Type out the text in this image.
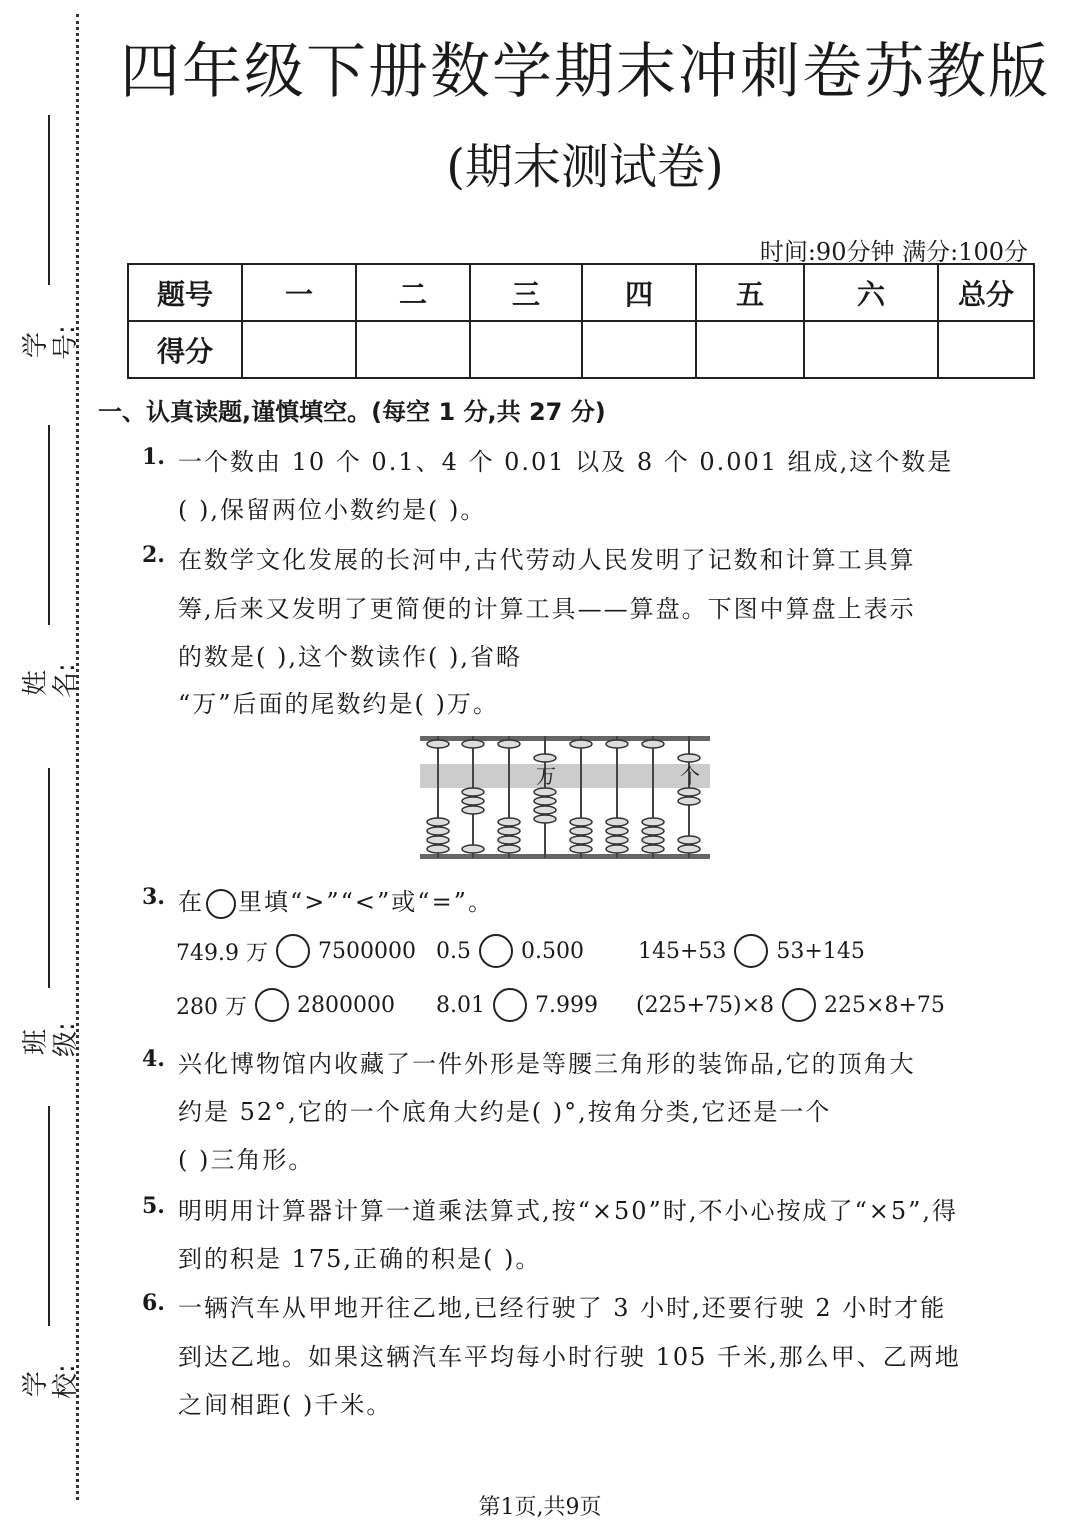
学号:
姓名:
班级:
学校:
四年级下册数学期末冲刺卷苏教版
(期末测试卷)
时间:90分钟 满分:100分
题号	一	二	三	四	五	六	总分
得分							
一、认真读题,谨慎填空。(每空 1 分,共 27 分)
1. 一个数由 10 个 0.1、4 个 0.01 以及 8 个 0.001 组成,这个数是
( ),保留两位小数约是( )。
2. 在数学文化发展的长河中,古代劳动人民发明了记数和计算工具算
筹,后来又发明了更简便的计算工具——算盘。下图中算盘上表示
的数是( ),这个数读作( ),省略
“万”后面的尾数约是( )万。
万	个
3. 在 里填“>”“<”或“=”。
749.9 万 7500000 0.5 0.500 145+53 53+145
280 万 2800000 8.01 7.999 (225+75)×8 225×8+75
4. 兴化博物馆内收藏了一件外形是等腰三角形的装饰品,它的顶角大
约是 52°,它的一个底角大约是( )°,按角分类,它还是一个
( )三角形。
5. 明明用计算器计算一道乘法算式,按“×50”时,不小心按成了“×5”,得
到的积是 175,正确的积是( )。
6. 一辆汽车从甲地开往乙地,已经行驶了 3 小时,还要行驶 2 小时才能
到达乙地。如果这辆汽车平均每小时行驶 105 千米,那么甲、乙两地
之间相距( )千米。
第1页,共9页
